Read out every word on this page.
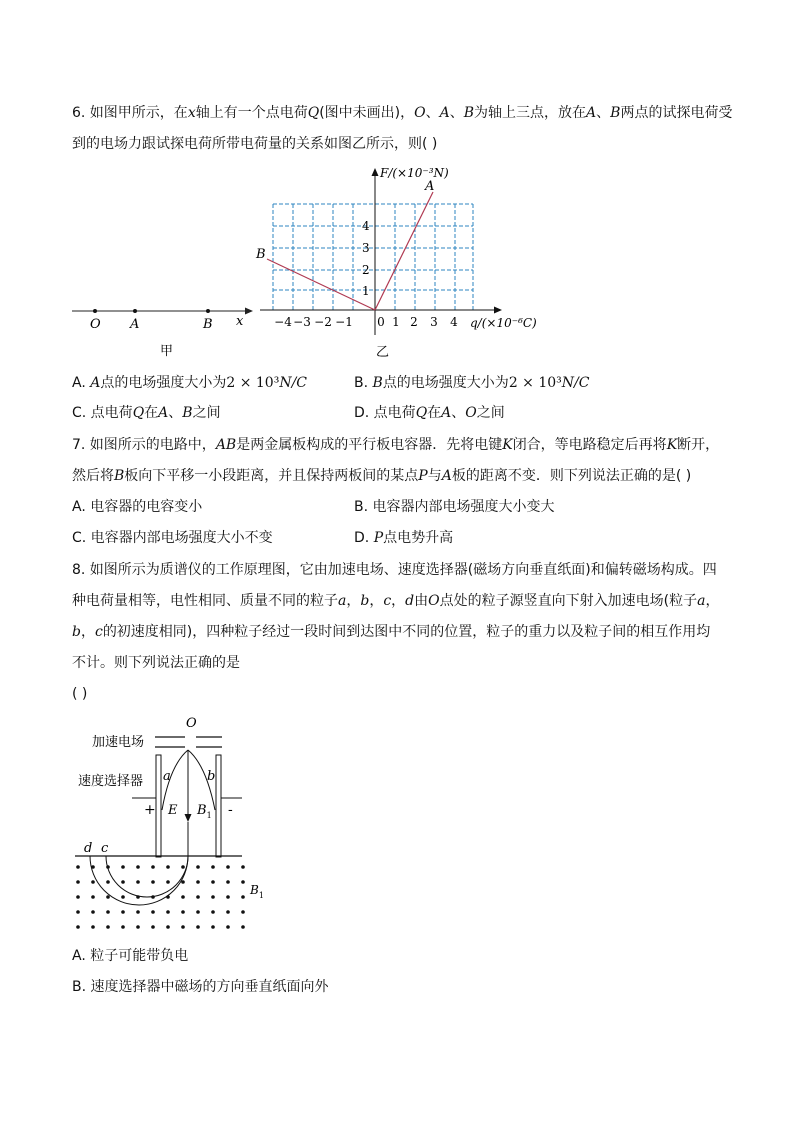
6. 如图甲所示，在x轴上有一个点电荷Q(图中未画出)，O、A、B为轴上三点，放在A、B两点的试探电荷受
到的电场力跟试探电荷所带电荷量的关系如图乙所示，则( )
O A	B x
甲
A
B
1
2
3
4
−4 −3 −2 −1 0 1 2 3 4
F/(×10⁻³N)
q/(×10⁻⁶C)
乙
A. A点的电场强度大小为2 × 10³N/C	B. B点的电场强度大小为2 × 10³N/C
C. 点电荷Q在A、B之间	D. 点电荷Q在A、O之间
7. 如图所示的电路中，AB是两金属板构成的平行板电容器．先将电键K闭合，等电路稳定后再将K断开，
然后将B板向下平移一小段距离，并且保持两板间的某点P与A板的距离不变．则下列说法正确的是( )
A. 电容器的电容变小	B. 电容器内部电场强度大小变大
C. 电容器内部电场强度大小不变	D. P点电势升高
8. 如图所示为质谱仪的工作原理图，它由加速电场、速度选择器(磁场方向垂直纸面)和偏转磁场构成。四
种电荷量相等，电性相同、质量不同的粒子a，b，c，d由O点处的粒子源竖直向下射入加速电场(粒子a，
b，c的初速度相同)，四种粒子经过一段时间到达图中不同的位置，粒子的重力以及粒子间的相互作用均
不计。则下列说法正确的是
( )
O
加速电场
速度选择器
+	-
E $B_1$
a	b
d c
$B_1$
A. 粒子可能带负电
B. 速度选择器中磁场的方向垂直纸面向外
